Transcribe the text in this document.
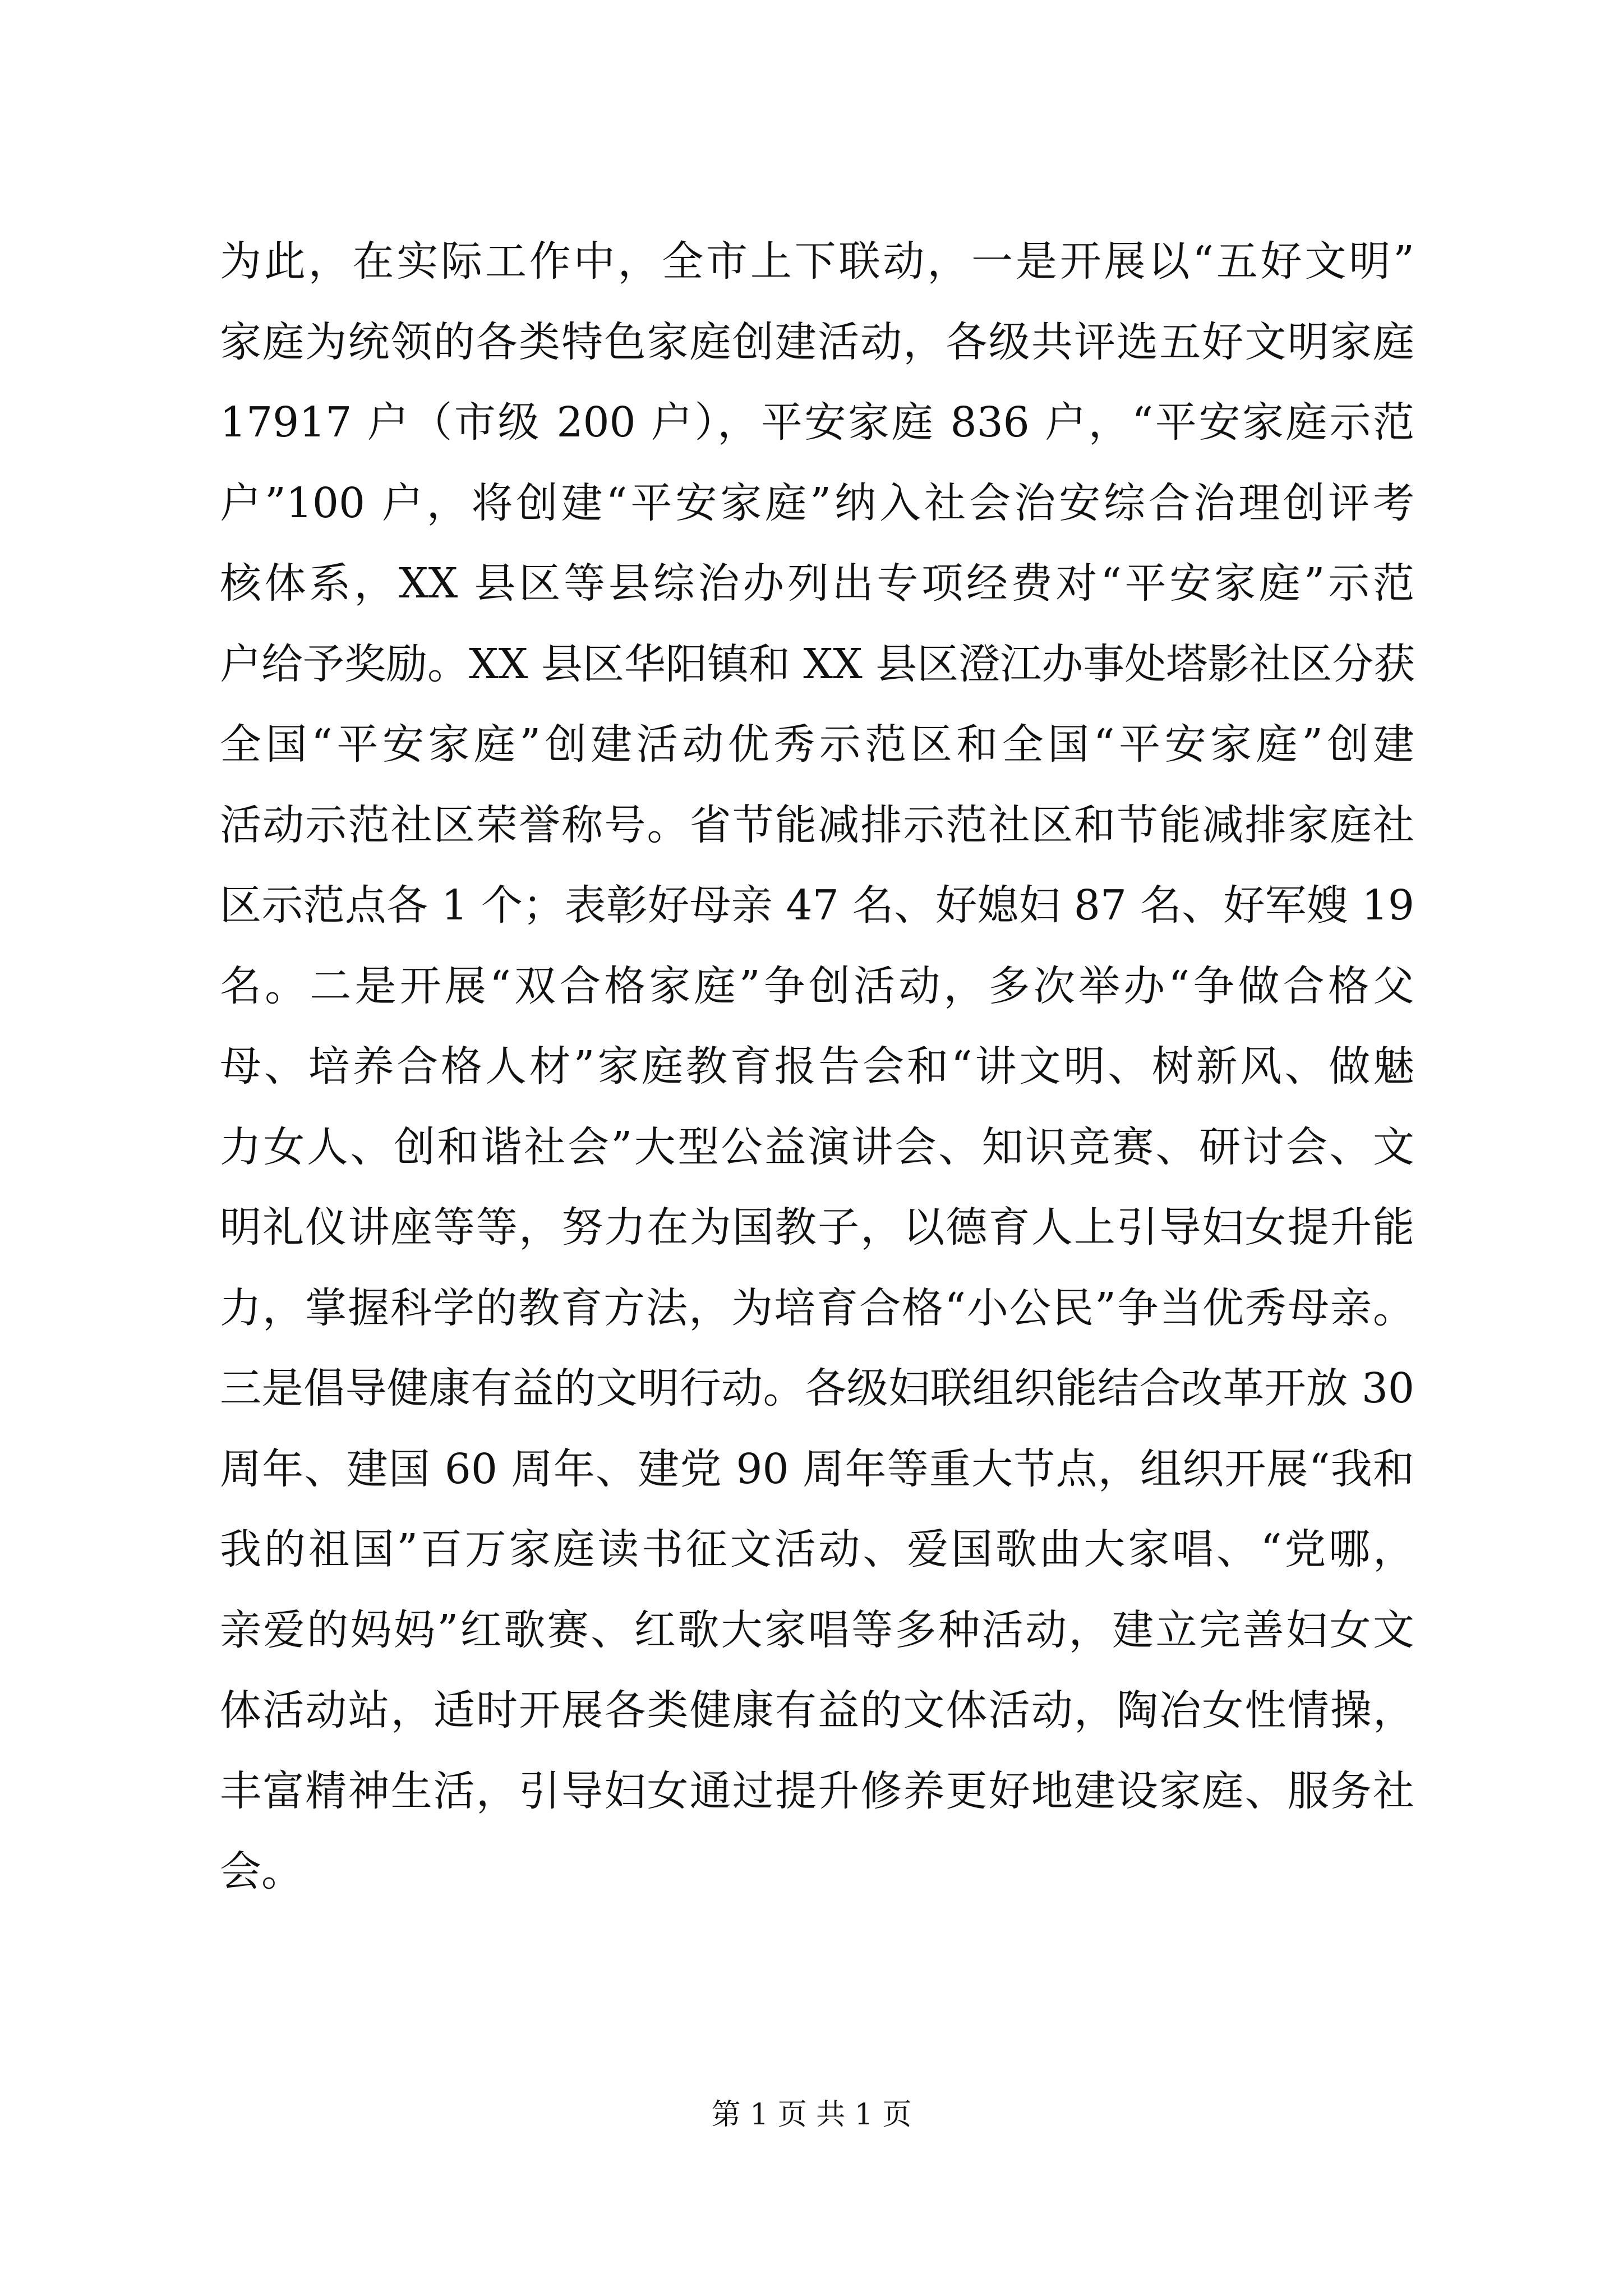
为此，在实际工作中，全市上下联动，一是开展以“五好文明”
家庭为统领的各类特色家庭创建活动，各级共评选五好文明家庭
17917 户（市级 200 户），平安家庭 836 户，“平安家庭示范
户”100 户，将创建“平安家庭”纳入社会治安综合治理创评考
核体系，XX 县区等县综治办列出专项经费对“平安家庭”示范
户给予奖励。XX 县区华阳镇和 XX 县区澄江办事处塔影社区分获
全国“平安家庭”创建活动优秀示范区和全国“平安家庭”创建
活动示范社区荣誉称号。省节能减排示范社区和节能减排家庭社
区示范点各 1 个；表彰好母亲 47 名、好媳妇 87 名、好军嫂 19
名。二是开展“双合格家庭”争创活动，多次举办“争做合格父
母、培养合格人材”家庭教育报告会和“讲文明、树新风、做魅
力女人、创和谐社会”大型公益演讲会、知识竞赛、研讨会、文
明礼仪讲座等等，努力在为国教子，以德育人上引导妇女提升能
力，掌握科学的教育方法，为培育合格“小公民”争当优秀母亲。
三是倡导健康有益的文明行动。各级妇联组织能结合改革开放 30
周年、建国 60 周年、建党 90 周年等重大节点，组织开展“我和
我的祖国”百万家庭读书征文活动、爱国歌曲大家唱、“党哪，
亲爱的妈妈”红歌赛、红歌大家唱等多种活动，建立完善妇女文
体活动站，适时开展各类健康有益的文体活动，陶冶女性情操，
丰富精神生活，引导妇女通过提升修养更好地建设家庭、服务社
会。
第 1 页 共 1 页
